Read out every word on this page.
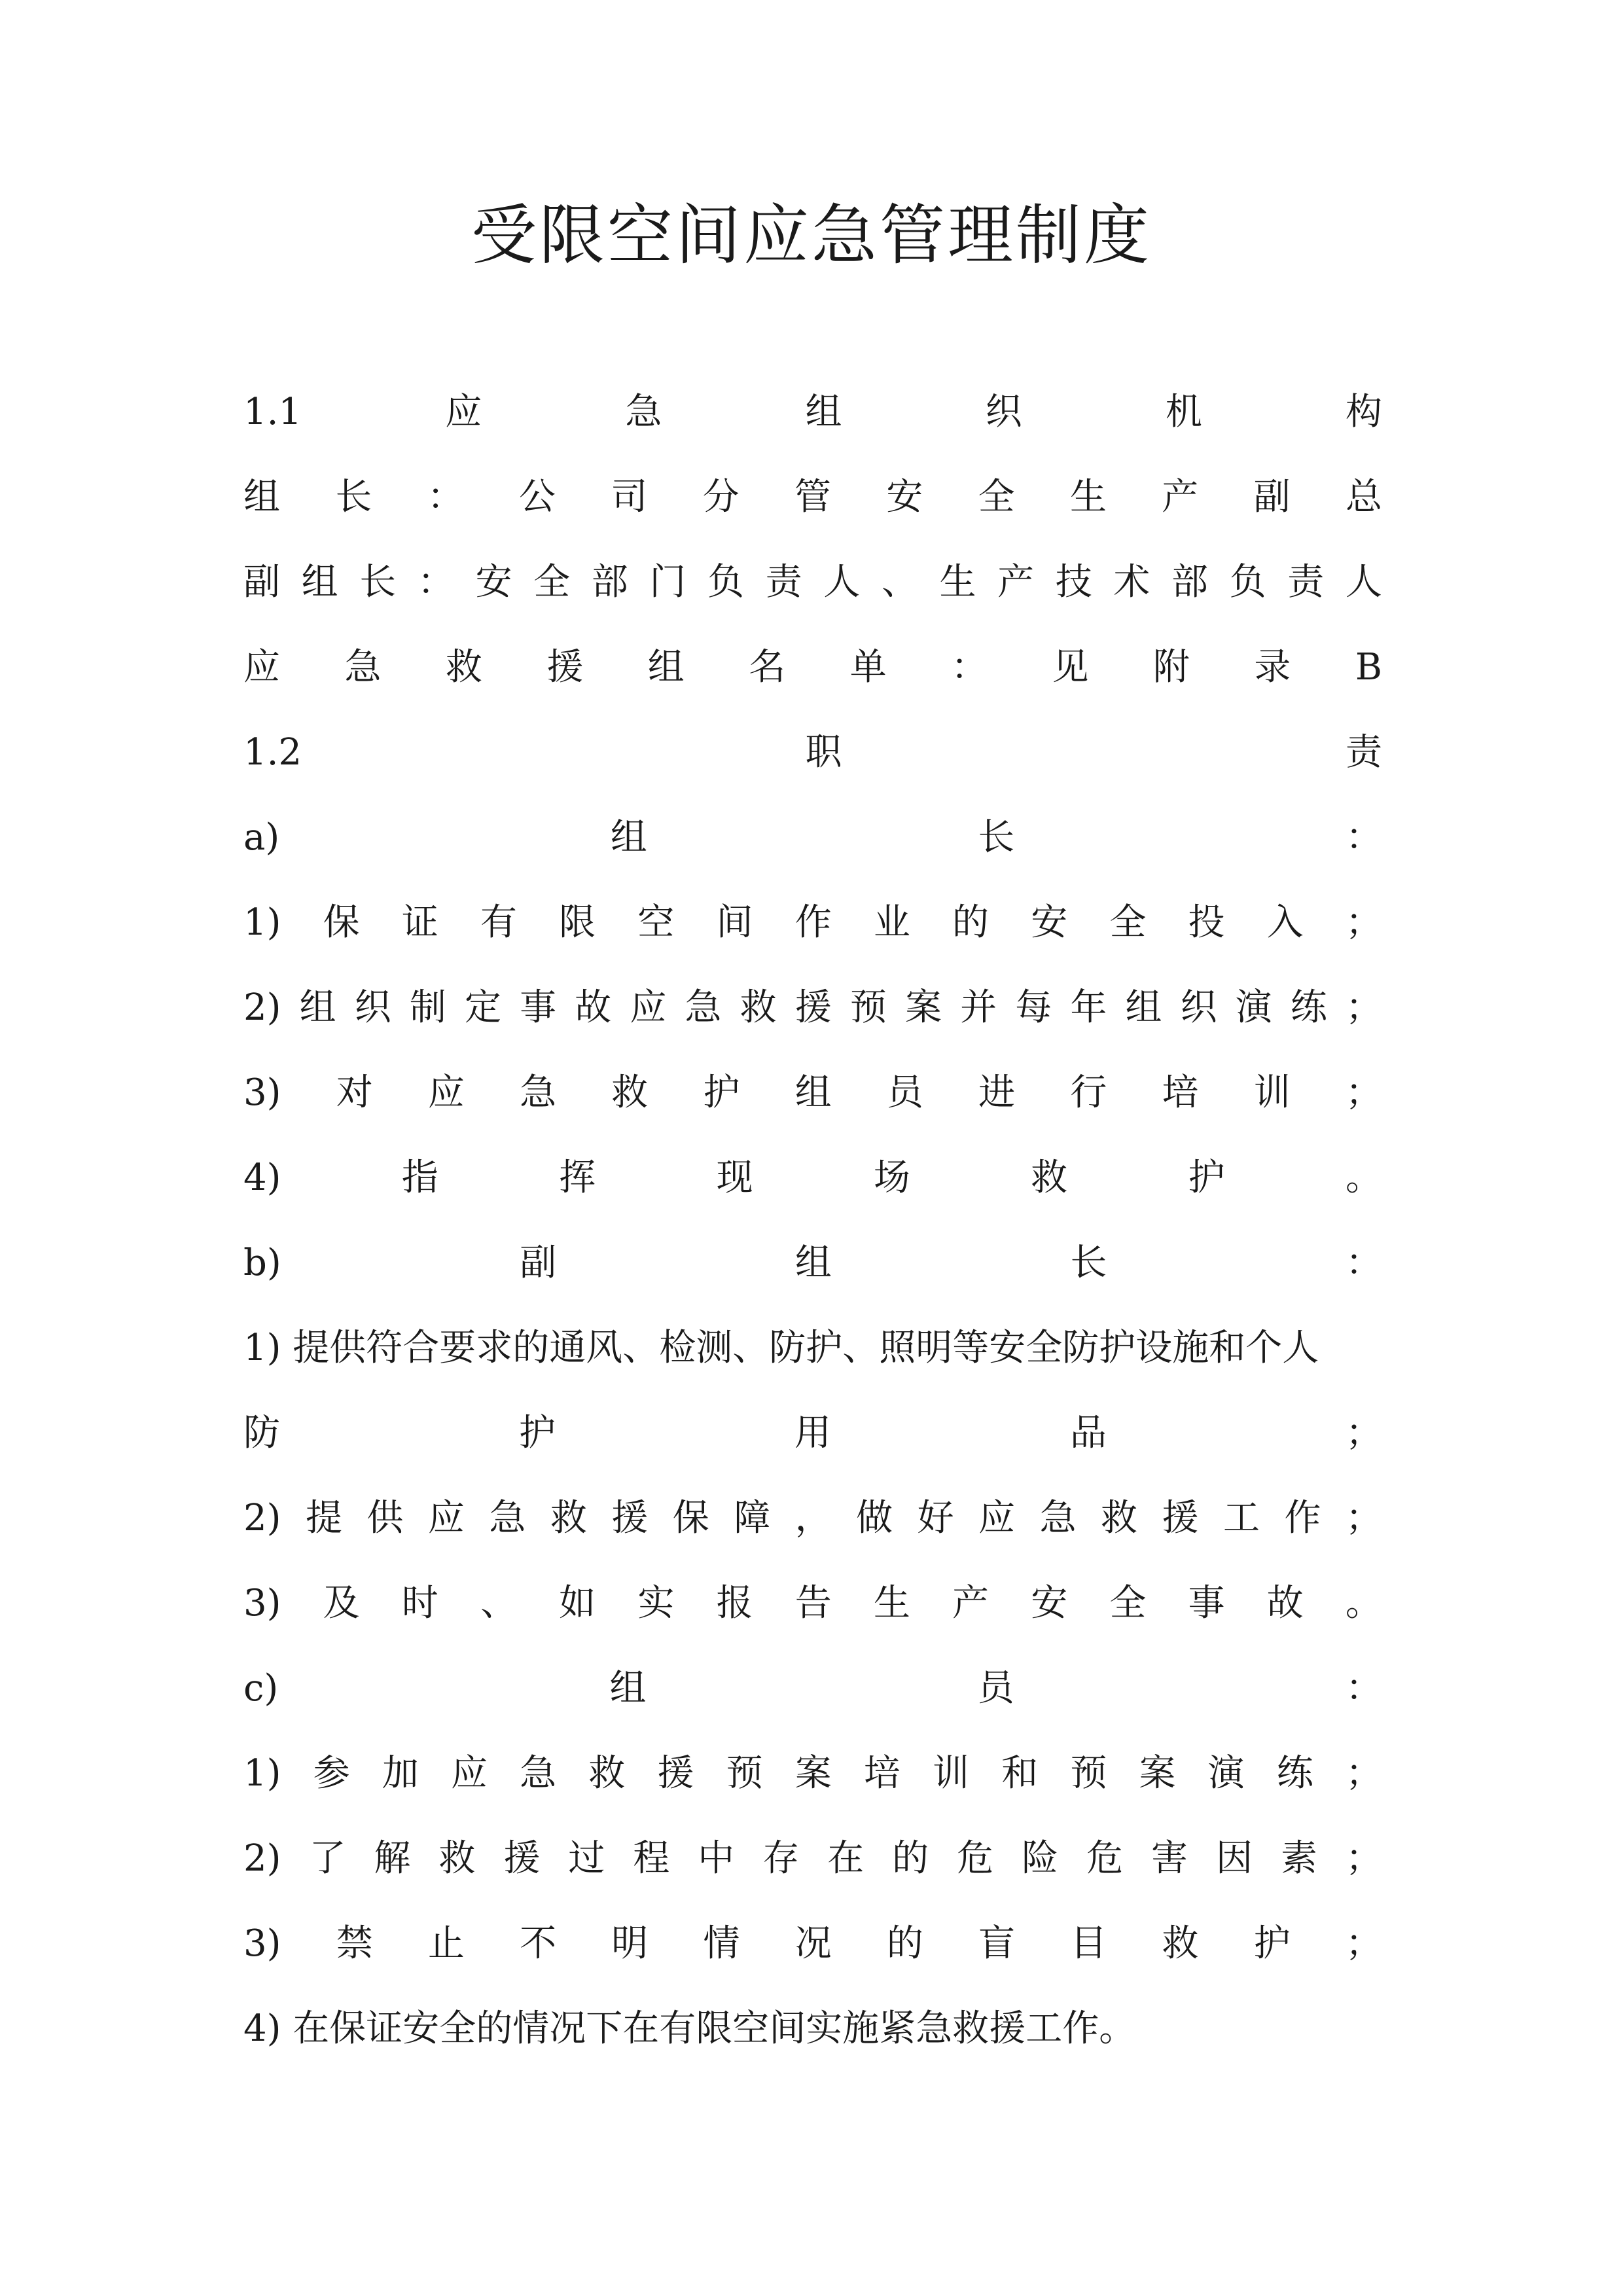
受限空间应急管理制度
1.1	应	急	组	织	机	构
组 长 ： 公 司 分 管 安 全 生 产 副 总
副 组 长 ： 安 全 部 门 负 责 人 、 生 产 技 术 部 负 责 人
应 急 救 援 组 名 单 ： 见 附 录 B
1.2	职	责
a)	组	长	：
1) 保 证 有 限 空 间 作 业 的 安 全 投 入 ；
2) 组 织 制 定 事 故 应 急 救 援 预 案 并 每 年 组 织 演 练 ；
3) 对 应 急 救 护 组 员 进 行 培 训 ；
4)	指	挥	现	场	救	护	。
b)	副	组	长	：
1) 提供符合要求的通风、检测、防护、照明等安全防护设施和个人
防	护	用	品	；
2) 提 供 应 急 救 援 保 障 ， 做 好 应 急 救 援 工 作 ；
3) 及 时 、 如 实 报 告 生 产 安 全 事 故 。
c)	组	员	：
1) 参 加 应 急 救 援 预 案 培 训 和 预 案 演 练 ；
2) 了 解 救 援 过 程 中 存 在 的 危 险 危 害 因 素 ；
3) 禁 止 不 明 情 况 的 盲 目 救 护 ；
4) 在保证安全的情况下在有限空间实施紧急救援工作。
